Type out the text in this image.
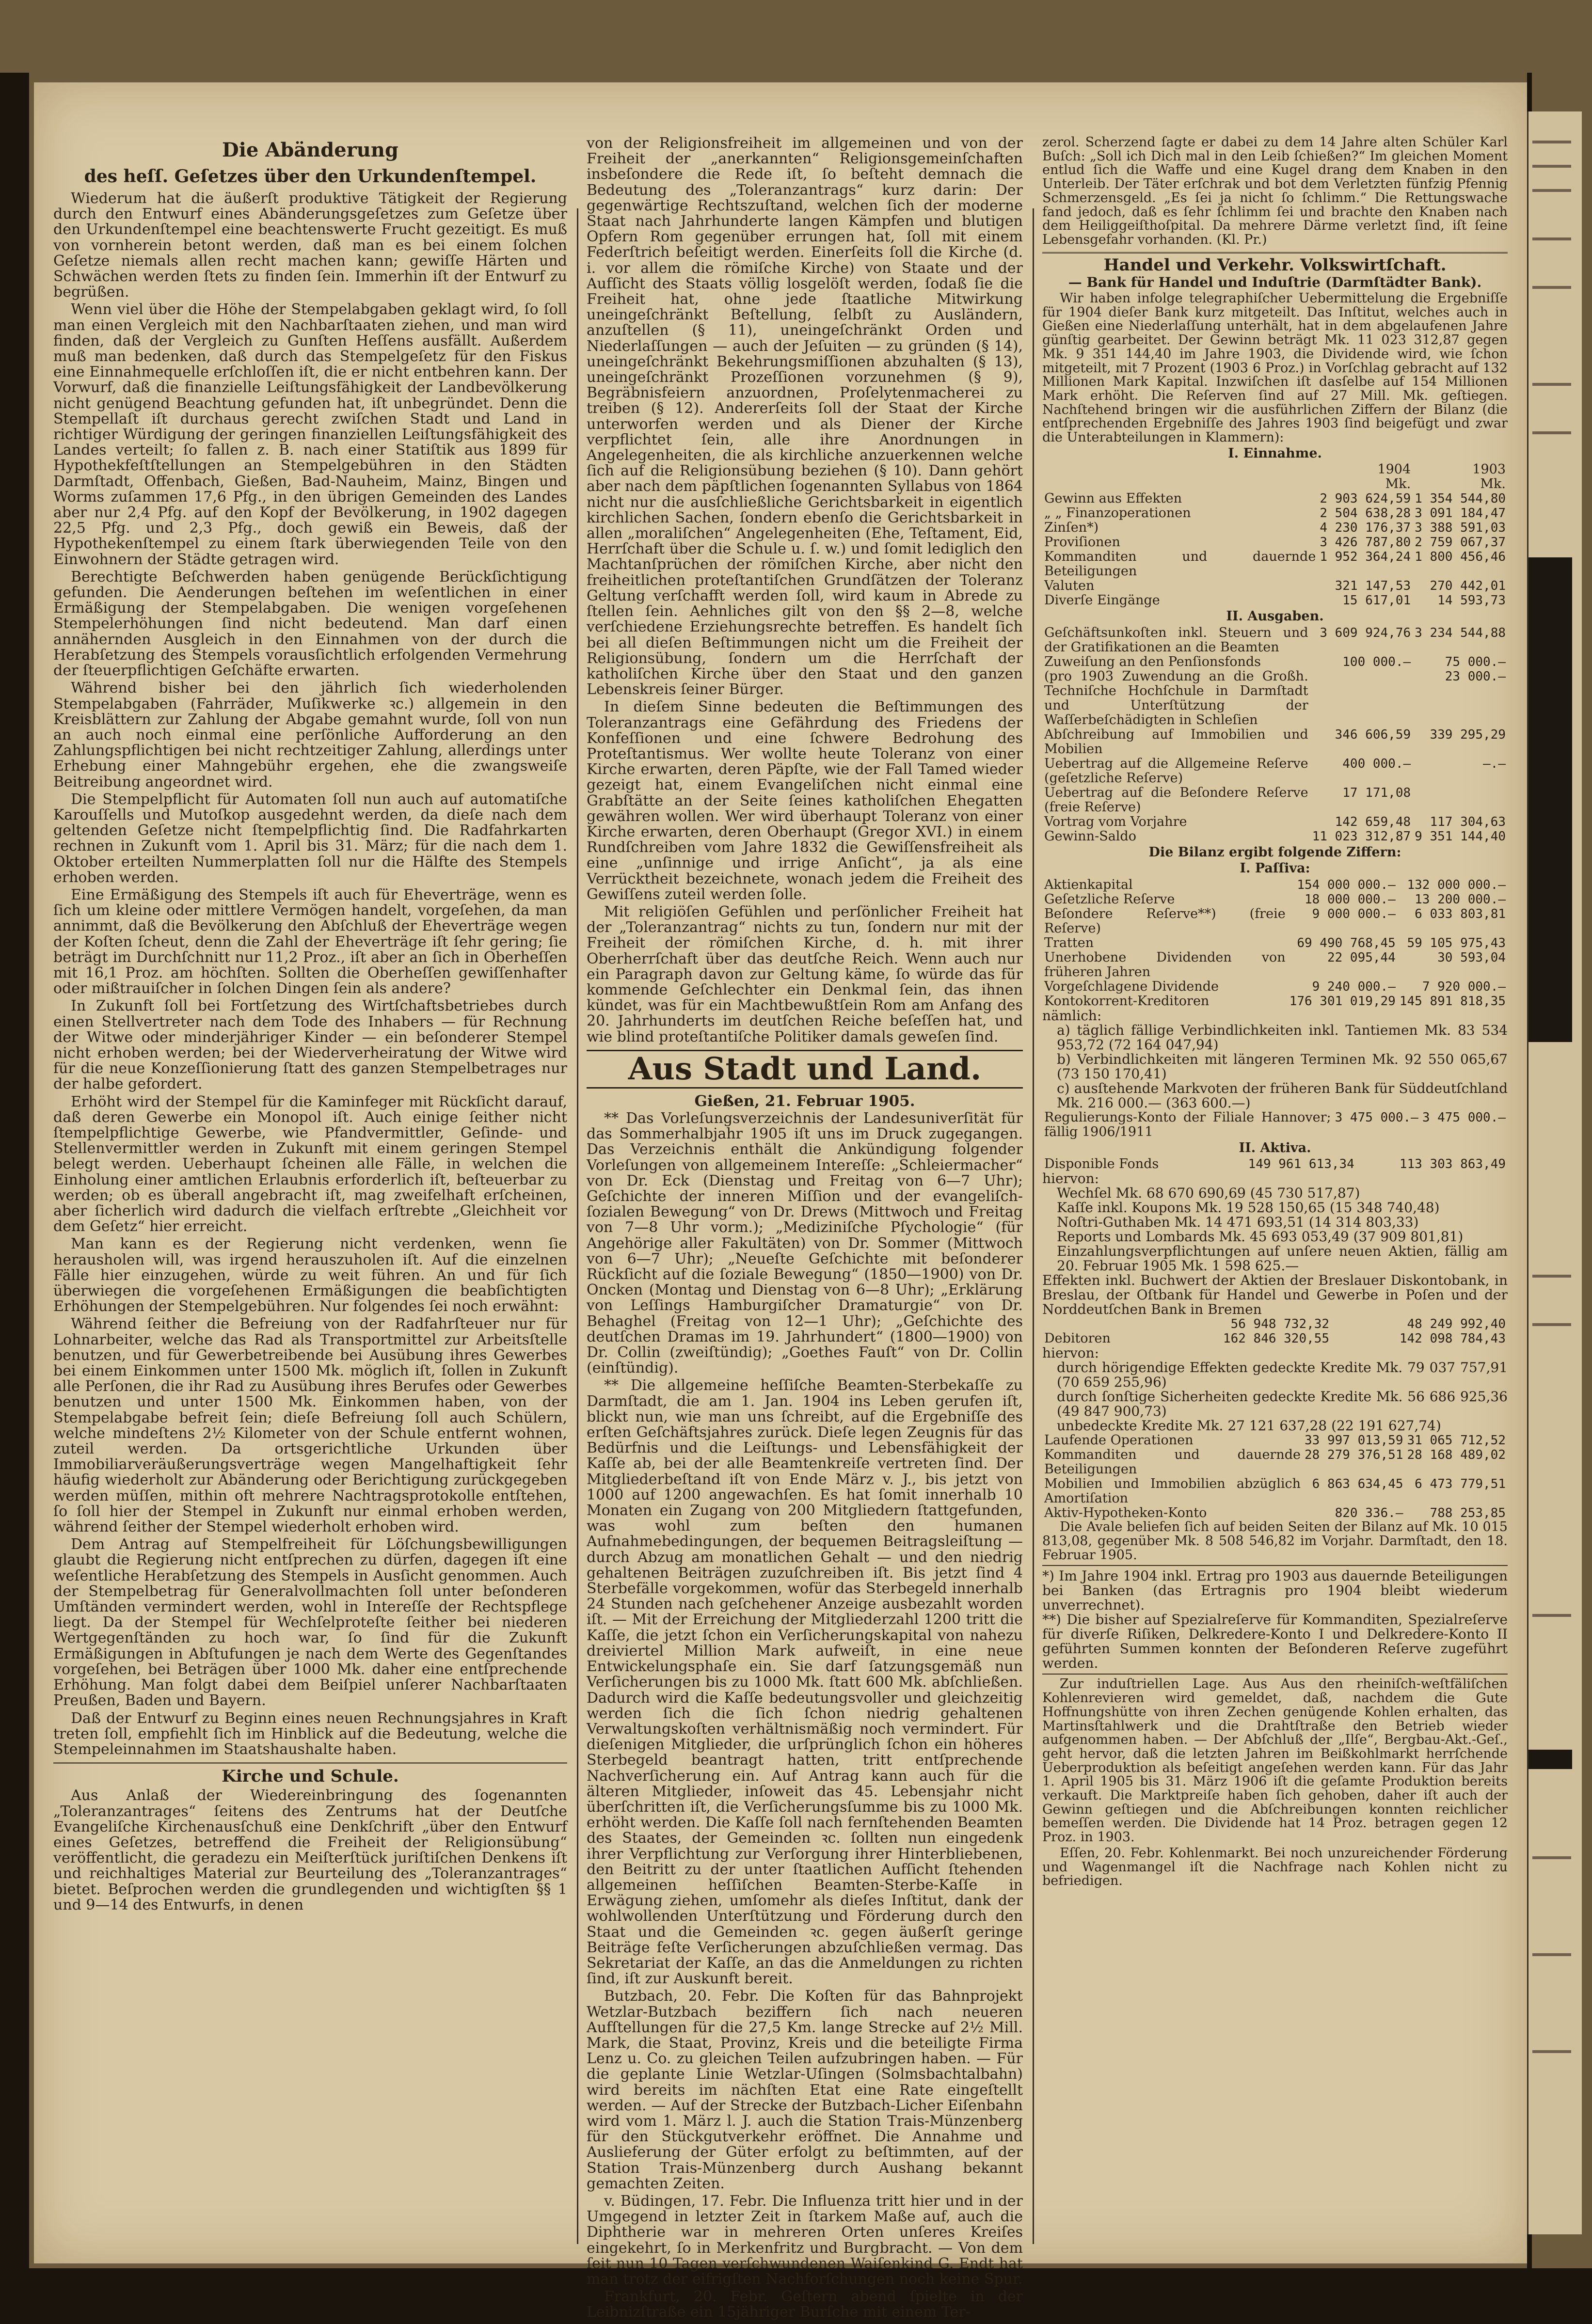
Die Abänderung
des heſſ. Geſetzes über den Urkundenſtempel.

Wiederum hat die äußerſt produktive Tätigkeit der Regierung durch den Entwurf eines Abänderungsgeſetzes zum Geſetze über den Urkundenſtempel eine beachtenswerte Frucht gezeitigt. Es muß von vornherein betont werden, daß man es bei einem ſolchen Geſetze niemals allen recht machen kann; gewiſſe Härten und Schwächen werden ſtets zu finden ſein. Immerhin iſt der Entwurf zu begrüßen.

Wenn viel über die Höhe der Stempelabgaben geklagt wird, ſo ſoll man einen Vergleich mit den Nachbarſtaaten ziehen, und man wird finden, daß der Vergleich zu Gunſten Heſſens ausfällt. Außerdem muß man bedenken, daß durch das Stempelgeſetz für den Fiskus eine Einnahmequelle erſchloſſen iſt, die er nicht entbehren kann. Der Vorwurf, daß die finanzielle Leiſtungsfähigkeit der Landbevölkerung nicht genügend Beachtung gefunden hat, iſt unbegründet. Denn die Stempellaſt iſt durchaus gerecht zwiſchen Stadt und Land in richtiger Würdigung der geringen finanziellen Leiſtungsfähigkeit des Landes verteilt; ſo fallen z. B. nach einer Statiſtik aus 1899 für Hypothekfeſtſtellungen an Stempelgebühren in den Städten Darmſtadt, Offenbach, Gießen, Bad-Nauheim, Mainz, Bingen und Worms zuſammen 17,6 Pfg., in den übrigen Gemeinden des Landes aber nur 2,4 Pfg. auf den Kopf der Bevölkerung, in 1902 dagegen 22,5 Pfg. und 2,3 Pfg., doch gewiß ein Beweis, daß der Hypothekenſtempel zu einem ſtark überwiegenden Teile von den Einwohnern der Städte getragen wird.

Berechtigte Beſchwerden haben genügende Berückſichtigung gefunden. Die Aenderungen beſtehen im weſentlichen in einer Ermäßigung der Stempelabgaben. Die wenigen vorgeſehenen Stempelerhöhungen ſind nicht bedeutend. Man darf einen annähernden Ausgleich in den Einnahmen von der durch die Herabſetzung des Stempels vorausſichtlich erfolgenden Vermehrung der ſteuerpflichtigen Geſchäfte erwarten.

Während bisher bei den jährlich ſich wiederholenden Stempelabgaben (Fahrräder, Muſikwerke ꝛc.) allgemein in den Kreisblättern zur Zahlung der Abgabe gemahnt wurde, ſoll von nun an auch noch einmal eine perſönliche Aufforderung an den Zahlungspflichtigen bei nicht rechtzeitiger Zahlung, allerdings unter Erhebung einer Mahngebühr ergehen, ehe die zwangsweiſe Beitreibung angeordnet wird.

Die Stempelpflicht für Automaten ſoll nun auch auf automatiſche Karouſſells und Mutoſkop ausgedehnt werden, da dieſe nach dem geltenden Geſetze nicht ſtempelpflichtig ſind. Die Radfahrkarten rechnen in Zukunft vom 1. April bis 31. März; für die nach dem 1. Oktober erteilten Nummerplatten ſoll nur die Hälfte des Stempels erhoben werden.

Eine Ermäßigung des Stempels iſt auch für Eheverträge, wenn es ſich um kleine oder mittlere Vermögen handelt, vorgeſehen, da man annimmt, daß die Bevölkerung den Abſchluß der Eheverträge wegen der Koſten ſcheut, denn die Zahl der Eheverträge iſt ſehr gering; ſie beträgt im Durchſchnitt nur 11,2 Proz., iſt aber an ſich in Oberheſſen mit 16,1 Proz. am höchſten. Sollten die Oberheſſen gewiſſenhafter oder mißtrauiſcher in ſolchen Dingen ſein als andere?

In Zukunft ſoll bei Fortſetzung des Wirtſchaftsbetriebes durch einen Stellvertreter nach dem Tode des Inhabers — für Rechnung der Witwe oder minderjähriger Kinder — ein beſonderer Stempel nicht erhoben werden; bei der Wiederverheiratung der Witwe wird für die neue Konzeſſionierung ſtatt des ganzen Stempelbetrages nur der halbe gefordert.

Erhöht wird der Stempel für die Kaminfeger mit Rückſicht darauf, daß deren Gewerbe ein Monopol iſt. Auch einige ſeither nicht ſtempelpflichtige Gewerbe, wie Pfandvermittler, Geſinde- und Stellenvermittler werden in Zukunft mit einem geringen Stempel belegt werden. Ueberhaupt ſcheinen alle Fälle, in welchen die Einholung einer amtlichen Erlaubnis erforderlich iſt, beſteuerbar zu werden; ob es überall angebracht iſt, mag zweifelhaft erſcheinen, aber ſicherlich wird dadurch die vielfach erſtrebte „Gleichheit vor dem Geſetz“ hier erreicht.

Man kann es der Regierung nicht verdenken, wenn ſie herausholen will, was irgend herauszuholen iſt. Auf die einzelnen Fälle hier einzugehen, würde zu weit führen. An und für ſich überwiegen die vorgeſehenen Ermäßigungen die beabſichtigten Erhöhungen der Stempelgebühren. Nur folgendes ſei noch erwähnt:

Während ſeither die Befreiung von der Radfahrſteuer nur für Lohnarbeiter, welche das Rad als Transportmittel zur Arbeitsſtelle benutzen, und für Gewerbetreibende bei Ausübung ihres Gewerbes bei einem Einkommen unter 1500 Mk. möglich iſt, ſollen in Zukunft alle Perſonen, die ihr Rad zu Ausübung ihres Berufes oder Gewerbes benutzen und unter 1500 Mk. Einkommen haben, von der Stempelabgabe befreit ſein; dieſe Befreiung ſoll auch Schülern, welche mindeſtens 2½ Kilometer von der Schule entfernt wohnen, zuteil werden. Da ortsgerichtliche Urkunden über Immobiliarveräußerungsverträge wegen Mangelhaftigkeit ſehr häufig wiederholt zur Abänderung oder Berichtigung zurückgegeben werden müſſen, mithin oft mehrere Nachtragsprotokolle entſtehen, ſo ſoll hier der Stempel in Zukunft nur einmal erhoben werden, während ſeither der Stempel wiederholt erhoben wird.

Dem Antrag auf Stempelfreiheit für Löſchungsbewilligungen glaubt die Regierung nicht entſprechen zu dürfen, dagegen iſt eine weſentliche Herabſetzung des Stempels in Ausſicht genommen. Auch der Stempelbetrag für Generalvollmachten ſoll unter beſonderen Umſtänden vermindert werden, wohl in Intereſſe der Rechtspflege liegt. Da der Stempel für Wechſelproteſte ſeither bei niederen Wertgegenſtänden zu hoch war, ſo ſind für die Zukunft Ermäßigungen in Abſtufungen je nach dem Werte des Gegenſtandes vorgeſehen, bei Beträgen über 1000 Mk. daher eine entſprechende Erhöhung. Man folgt dabei dem Beiſpiel unſerer Nachbarſtaaten Preußen, Baden und Bayern.

Daß der Entwurf zu Beginn eines neuen Rechnungsjahres in Kraft treten ſoll, empfiehlt ſich im Hinblick auf die Bedeutung, welche die Stempeleinnahmen im Staatshaushalte haben.

Kirche und Schule.

Aus Anlaß der Wiedereinbringung des ſogenannten „Toleranzantrages“ ſeitens des Zentrums hat der Deutſche Evangeliſche Kirchenausſchuß eine Denkſchrift „über den Entwurf eines Geſetzes, betreffend die Freiheit der Religionsübung“ veröffentlicht, die geradezu ein Meiſterſtück juriſtiſchen Denkens iſt und reichhaltiges Material zur Beurteilung des „Toleranzantrages“ bietet. Beſprochen werden die grundlegenden und wichtigſten §§ 1 und 9—14 des Entwurfs, in denen

von der Religionsfreiheit im allgemeinen und von der Freiheit der „anerkannten“ Religionsgemeinſchaften insbeſondere die Rede iſt, ſo beſteht demnach die Bedeutung des „Toleranzantrags“ kurz darin: Der gegenwärtige Rechtszuſtand, welchen ſich der moderne Staat nach Jahrhunderte langen Kämpfen und blutigen Opfern Rom gegenüber errungen hat, ſoll mit einem Federſtrich beſeitigt werden. Einerſeits ſoll die Kirche (d. i. vor allem die römiſche Kirche) von Staate und der Aufſicht des Staats völlig losgelöſt werden, ſodaß ſie die Freiheit hat, ohne jede ſtaatliche Mitwirkung uneingeſchränkt Beſtellung, ſelbſt zu Ausländern, anzuſtellen (§ 11), uneingeſchränkt Orden und Niederlaſſungen — auch der Jeſuiten — zu gründen (§ 14), uneingeſchränkt Bekehrungsmiſſionen abzuhalten (§ 13), uneingeſchränkt Prozeſſionen vorzunehmen (§ 9), Begräbnisfeiern anzuordnen, Proſelytenmacherei zu treiben (§ 12). Andererſeits ſoll der Staat der Kirche unterworfen werden und als Diener der Kirche verpflichtet ſein, alle ihre Anordnungen in Angelegenheiten, die als kirchliche anzuerkennen welche ſich auf die Religionsübung beziehen (§ 10). Dann gehört aber nach dem päpſtlichen ſogenannten Syllabus von 1864 nicht nur die ausſchließliche Gerichtsbarkeit in eigentlich kirchlichen Sachen, ſondern ebenſo die Gerichtsbarkeit in allen „moraliſchen“ Angelegenheiten (Ehe, Teſtament, Eid, Herrſchaft über die Schule u. ſ. w.) und ſomit lediglich den Machtanſprüchen der römiſchen Kirche, aber nicht den freiheitlichen proteſtantiſchen Grundſätzen der Toleranz Geltung verſchafft werden ſoll, wird kaum in Abrede zu ſtellen ſein. Aehnliches gilt von den §§ 2—8, welche verſchiedene Erziehungsrechte betreffen. Es handelt ſich bei all dieſen Beſtimmungen nicht um die Freiheit der Religionsübung, ſondern um die Herrſchaft der katholiſchen Kirche über den Staat und den ganzen Lebenskreis ſeiner Bürger.

In dieſem Sinne bedeuten die Beſtimmungen des Toleranzantrags eine Gefährdung des Friedens der Konfeſſionen und eine ſchwere Bedrohung des Proteſtantismus. Wer wollte heute Toleranz von einer Kirche erwarten, deren Päpſte, wie der Fall Tamed wieder gezeigt hat, einem Evangeliſchen nicht einmal eine Grabſtätte an der Seite ſeines katholiſchen Ehegatten gewähren wollen. Wer wird überhaupt Toleranz von einer Kirche erwarten, deren Oberhaupt (Gregor XVI.) in einem Rundſchreiben vom Jahre 1832 die Gewiſſensfreiheit als eine „unſinnige und irrige Anſicht“, ja als eine Verrücktheit bezeichnete, wonach jedem die Freiheit des Gewiſſens zuteil werden ſolle.

Mit religiöſen Gefühlen und perſönlicher Freiheit hat der „Toleranzantrag“ nichts zu tun, ſondern nur mit der Freiheit der römiſchen Kirche, d. h. mit ihrer Oberherrſchaft über das deutſche Reich. Wenn auch nur ein Paragraph davon zur Geltung käme, ſo würde das für kommende Geſchlechter ein Denkmal ſein, das ihnen kündet, was für ein Machtbewußtſein Rom am Anfang des 20. Jahrhunderts im deutſchen Reiche beſeſſen hat, und wie blind proteſtantiſche Politiker damals geweſen ſind.

Aus Stadt und Land.
Gießen, 21. Februar 1905.

** Das Vorleſungsverzeichnis der Landesuniverſität für das Sommerhalbjahr 1905 iſt uns im Druck zugegangen. Das Verzeichnis enthält die Ankündigung folgender Vorleſungen von allgemeinem Intereſſe: „Schleiermacher“ von Dr. Eck (Dienstag und Freitag von 6—7 Uhr); Geſchichte der inneren Miſſion und der evangeliſch-ſozialen Bewegung“ von Dr. Drews (Mittwoch und Freitag von 7—8 Uhr vorm.); „Mediziniſche Pſychologie“ (für Angehörige aller Fakultäten) von Dr. Sommer (Mittwoch von 6—7 Uhr); „Neueſte Geſchichte mit beſonderer Rückſicht auf die ſoziale Bewegung“ (1850—1900) von Dr. Oncken (Montag und Dienstag von 6—8 Uhr); „Erklärung von Leſſings Hamburgiſcher Dramaturgie“ von Dr. Behaghel (Freitag von 12—1 Uhr); „Geſchichte des deutſchen Dramas im 19. Jahrhundert“ (1800—1900) von Dr. Collin (zweiſtündig); „Goethes Fauſt“ von Dr. Collin (einſtündig).

** Die allgemeine heſſiſche Beamten-Sterbekaſſe zu Darmſtadt, die am 1. Jan. 1904 ins Leben gerufen iſt, blickt nun, wie man uns ſchreibt, auf die Ergebniſſe des erſten Geſchäftsjahres zurück. Dieſe legen Zeugnis für das Bedürfnis und die Leiſtungs- und Lebensfähigkeit der Kaſſe ab, bei der alle Beamtenkreiſe vertreten ſind. Der Mitgliederbeſtand iſt von Ende März v. J., bis jetzt von 1000 auf 1200 angewachſen. Es hat ſomit innerhalb 10 Monaten ein Zugang von 200 Mitgliedern ſtattgefunden, was wohl zum beſten den humanen Aufnahmebedingungen, der bequemen Beitragsleiſtung — durch Abzug am monatlichen Gehalt — und den niedrig gehaltenen Beiträgen zuzuſchreiben iſt. Bis jetzt ſind 4 Sterbefälle vorgekommen, wofür das Sterbegeld innerhalb 24 Stunden nach geſchehener Anzeige ausbezahlt worden iſt. — Mit der Erreichung der Mitgliederzahl 1200 tritt die Kaſſe, die jetzt ſchon ein Verſicherungskapital von nahezu dreiviertel Million Mark aufweiſt, in eine neue Entwickelungsphaſe ein. Sie darf ſatzungsgemäß nun Verſicherungen bis zu 1000 Mk. ſtatt 600 Mk. abſchließen. Dadurch wird die Kaſſe bedeutungsvoller und gleichzeitig werden ſich die ſich ſchon niedrig gehaltenen Verwaltungskoſten verhältnismäßig noch vermindert. Für dieſenigen Mitglieder, die urſprünglich ſchon ein höheres Sterbegeld beantragt hatten, tritt entſprechende Nachverſicherung ein. Auf Antrag kann auch für die älteren Mitglieder, inſoweit das 45. Lebensjahr nicht überſchritten iſt, die Verſicherungsſumme bis zu 1000 Mk. erhöht werden. Die Kaſſe ſoll nach fernſtehenden Beamten des Staates, der Gemeinden ꝛc. ſollten nun eingedenk ihrer Verpflichtung zur Verſorgung ihrer Hinterbliebenen, den Beitritt zu der unter ſtaatlichen Aufſicht ſtehenden allgemeinen heſſiſchen Beamten-Sterbe-Kaſſe in Erwägung ziehen, umſomehr als dieſes Inſtitut, dank der wohlwollenden Unterſtützung und Förderung durch den Staat und die Gemeinden ꝛc. gegen äußerſt geringe Beiträge feſte Verſicherungen abzuſchließen vermag. Das Sekretariat der Kaſſe, an das die Anmeldungen zu richten ſind, iſt zur Auskunft bereit.

Butzbach, 20. Febr. Die Koſten für das Bahnprojekt Wetzlar-Butzbach beziffern ſich nach neueren Aufſtellungen für die 27,5 Km. lange Strecke auf 2½ Mill. Mark, die Staat, Provinz, Kreis und die beteiligte Firma Lenz u. Co. zu gleichen Teilen aufzubringen haben. — Für die geplante Linie Wetzlar-Uſingen (Solmsbachtalbahn) wird bereits im nächſten Etat eine Rate eingeſtellt werden. — Auf der Strecke der Butzbach-Licher Eiſenbahn wird vom 1. März l. J. auch die Station Trais-Münzenberg für den Stückgutverkehr eröffnet. Die Annahme und Auslieferung der Güter erfolgt zu beſtimmten, auf der Station Trais-Münzenberg durch Aushang bekannt gemachten Zeiten.

v. Büdingen, 17. Febr. Die Influenza tritt hier und in der Umgegend in letzter Zeit in ſtarkem Maße auf, auch die Diphtherie war in mehreren Orten unſeres Kreiſes eingekehrt, ſo in Merkenfritz und Burgbracht. — Von dem ſeit nun 10 Tagen verſchwundenen Waiſenkind G. Endt hat man trotz der eifrigſten Nachforſchungen noch keine Spur.

Frankfurt, 20. Febr. Geſtern abend ſpielte in der Leibnizſtraße ein 15jähriger Burſche mit einem Ter-

zerol. Scherzend ſagte er dabei zu dem 14 Jahre alten Schüler Karl Buſch: „Soll ich Dich mal in den Leib ſchießen?“ Im gleichen Moment entlud ſich die Waffe und eine Kugel drang dem Knaben in den Unterleib. Der Täter erſchrak und bot dem Verletzten fünfzig Pfennig Schmerzensgeld. „Es ſei ja nicht ſo ſchlimm.“ Die Rettungswache fand jedoch, daß es ſehr ſchlimm ſei und brachte den Knaben nach dem Heiliggeiſthoſpital. Da mehrere Därme verletzt ſind, iſt ſeine Lebensgefahr vorhanden. (Kl. Pr.)

Handel und Verkehr. Volkswirtſchaft.
— Bank für Handel und Induſtrie (Darmſtädter Bank).

Wir haben infolge telegraphiſcher Uebermittelung die Ergebniſſe für 1904 dieſer Bank kurz mitgeteilt. Das Inſtitut, welches auch in Gießen eine Niederlaſſung unterhält, hat in dem abgelaufenen Jahre günſtig gearbeitet. Der Gewinn beträgt Mk. 11 023 312,87 gegen Mk. 9 351 144,40 im Jahre 1903, die Dividende wird, wie ſchon mitgeteilt, mit 7 Prozent (1903 6 Proz.) in Vorſchlag gebracht auf 132 Millionen Mark Kapital. Inzwiſchen iſt dasſelbe auf 154 Millionen Mark erhöht. Die Reſerven ſind auf 27 Mill. Mk. geſtiegen. Nachſtehend bringen wir die ausführlichen Ziffern der Bilanz (die entſprechenden Ergebniſſe des Jahres 1903 ſind beigefügt und zwar die Unterabteilungen in Klammern):

I. Einnahme.
	1904	1903
	Mk.	Mk.
Gewinn aus Effekten	2 903 624,59	1 354 544,80
„ „ Finanzoperationen	2 504 638,28	3 091 184,47
Zinſen*)	4 230 176,37	3 388 591,03
Proviſionen	3 426 787,80	2 759 067,37
Kommanditen und dauernde Beteiligungen	1 952 364,24	1 800 456,46
Valuten	321 147,53	270 442,01
Diverſe Eingänge	15 617,01	14 593,73
II. Ausgaben.
Geſchäftsunkoſten inkl. Steuern und der Gratifikationen an die Beamten	3 609 924,76	3 234 544,88
Zuweiſung an den Penſionsfonds	100 000.—	75 000.—
(pro 1903 Zuwendung an die Großh. Techniſche Hochſchule in Darmſtadt und Unterſtützung der Waſſerbeſchädigten in Schleſien		23 000.—
Abſchreibung auf Immobilien und Mobilien	346 606,59	339 295,29
Uebertrag auf die Allgemeine Reſerve (geſetzliche Reſerve)	400 000.—	—.—
Uebertrag auf die Beſondere Reſerve (freie Reſerve)	17 171,08	
Vortrag vom Vorjahre	142 659,48	117 304,63
Gewinn-Saldo	11 023 312,87	9 351 144,40
Die Bilanz ergibt folgende Ziffern:
I. Paſſiva:
Aktienkapital	154 000 000.—	132 000 000.—
Geſetzliche Reſerve	18 000 000.—	13 200 000.—
Beſondere Reſerve**) (freie Reſerve)	9 000 000.—	6 033 803,81
Tratten	69 490 768,45	59 105 975,43
Unerhobene Dividenden von früheren Jahren	22 095,44	30 593,04
Vorgeſchlagene Dividende	9 240 000.—	7 920 000.—
Kontokorrent-Kreditoren	176 301 019,29	145 891 818,35
nämlich:
a) täglich fällige Verbindlichkeiten inkl. Tantiemen Mk. 83 534 953,72 (72 164 047,94)
b) Verbindlichkeiten mit längeren Terminen Mk. 92 550 065,67 (73 150 170,41)
c) ausſtehende Markvoten der früheren Bank für Süddeutſchland Mk. 216 000.— (363 600.—)
Regulierungs-Konto der Filiale Hannover; fällig 1906/1911	3 475 000.—	3 475 000.—
II. Aktiva.
Disponible Fonds	149 961 613,34	113 303 863,49
hiervon:
Wechſel Mk. 68 670 690,69 (45 730 517,87)
Kaſſe inkl. Koupons Mk. 19 528 150,65 (15 348 740,48)
Noſtri-Guthaben Mk. 14 471 693,51 (14 314 803,33)
Reports und Lombards Mk. 45 693 053,49 (37 909 801,81)
Einzahlungsverpflichtungen auf unſere neuen Aktien, fällig am 20. Februar 1905 Mk. 1 598 625.—
Effekten inkl. Buchwert der Aktien der Breslauer Diskontobank, in Breslau, der Oſtbank für Handel und Gewerbe in Poſen und der Norddeutſchen Bank in Bremen
	56 948 732,32	48 249 992,40
Debitoren	162 846 320,55	142 098 784,43
hiervon:
durch hörigendige Effekten gedeckte Kredite Mk. 79 037 757,91 (70 659 255,96)
durch ſonſtige Sicherheiten gedeckte Kredite Mk. 56 686 925,36 (49 847 900,73)
unbedeckte Kredite Mk. 27 121 637,28 (22 191 627,74)
Laufende Operationen	33 997 013,59	31 065 712,52
Kommanditen und dauernde Beteiligungen	28 279 376,51	28 168 489,02
Mobilien und Immobilien abzüglich Amortiſation	6 863 634,45	6 473 779,51
Aktiv-Hypotheken-Konto	820 336.—	788 253,85

Die Avale beliefen ſich auf beiden Seiten der Bilanz auf Mk. 10 015 813,08, gegenüber Mk. 8 508 546,82 im Vorjahr. Darmſtadt, den 18. Februar 1905.

*) Im Jahre 1904 inkl. Ertrag pro 1903 aus dauernde Beteiligungen bei Banken (das Ertragnis pro 1904 bleibt wiederum unverrechnet).
**) Die bisher auf Spezialreſerve für Kommanditen, Spezialreſerve für diverſe Riſiken, Delkredere-Konto I und Delkredere-Konto II geführten Summen konnten der Beſonderen Reſerve zugeführt werden.

Zur induſtriellen Lage. Aus Aus den rheiniſch-weſtfäliſchen Kohlenrevieren wird gemeldet, daß, nachdem die Gute Hoffnungshütte von ihren Zechen genügende Kohlen erhalten, das Martinsſtahlwerk und die Drahtſtraße den Betrieb wieder aufgenommen haben. — Der Abſchluß der „Ilſe“, Bergbau-Akt.-Geſ., geht hervor, daß die letzten Jahren im Beißkohlmarkt herrſchende Ueberproduktion als beſeitigt angeſehen werden kann. Für das Jahr 1. April 1905 bis 31. März 1906 iſt die geſamte Produktion bereits verkauft. Die Marktpreiſe haben ſich gehoben, daher iſt auch der Gewinn geſtiegen und die Abſchreibungen konnten reichlicher bemeſſen werden. Die Dividende hat 14 Proz. betragen gegen 12 Proz. in 1903.

Eſſen, 20. Febr. Kohlenmarkt. Bei noch unzureichender Förderung und Wagenmangel iſt die Nachfrage nach Kohlen nicht zu befriedigen.
